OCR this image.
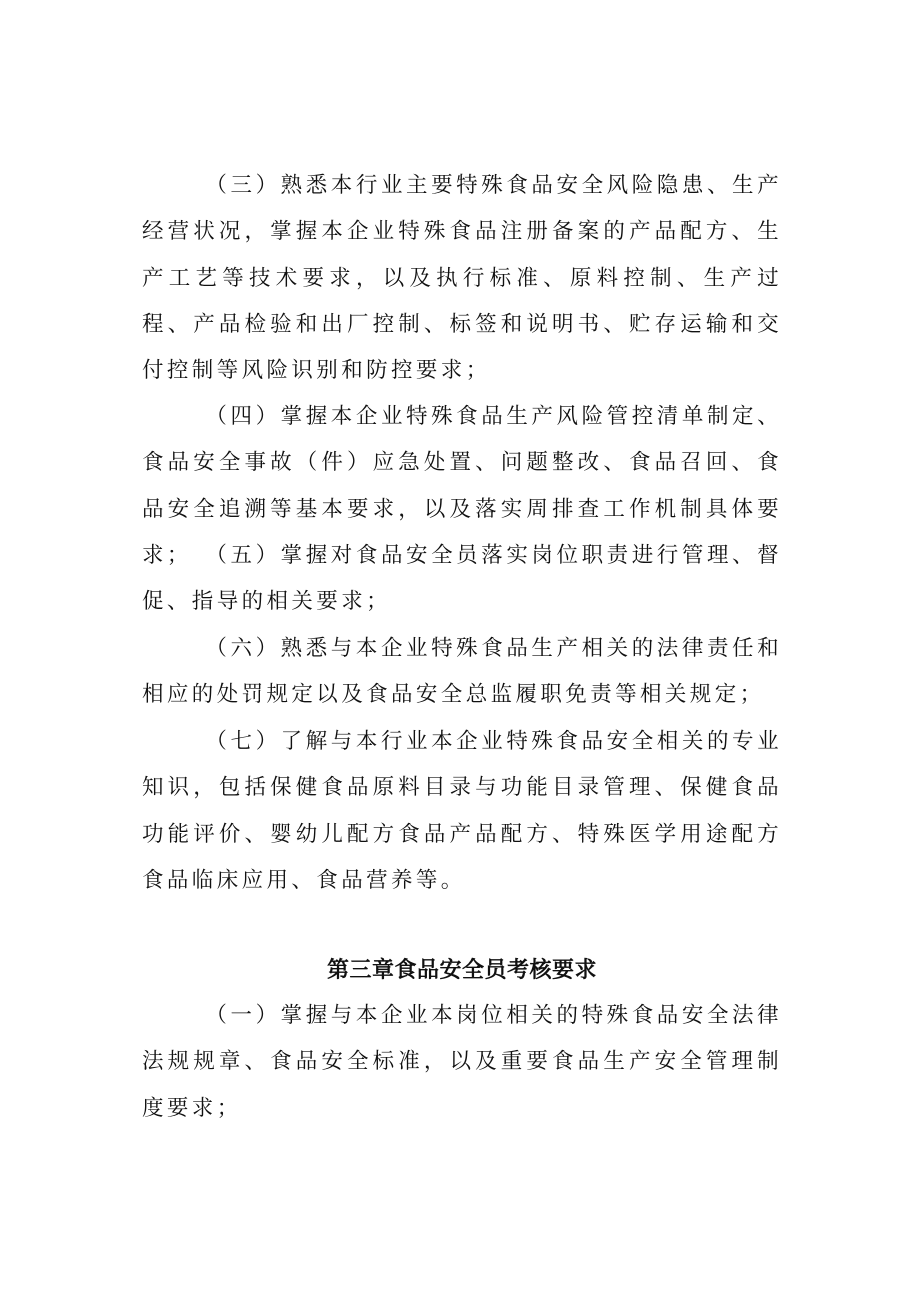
（三）熟悉本行业主要特殊食品安全风险隐患、生产经营状况，掌握本企业特殊食品注册备案的产品配方、生产工艺等技术要求，以及执行标准、原料控制、生产过程、产品检验和出厂控制、标签和说明书、贮存运输和交付控制等风险识别和防控要求；

（四）掌握本企业特殊食品生产风险管控清单制定、食品安全事故（件）应急处置、问题整改、食品召回、食品安全追溯等基本要求，以及落实周排查工作机制具体要求； （五）掌握对食品安全员落实岗位职责进行管理、督促、指导的相关要求；

（六）熟悉与本企业特殊食品生产相关的法律责任和相应的处罚规定以及食品安全总监履职免责等相关规定；

（七）了解与本行业本企业特殊食品安全相关的专业知识，包括保健食品原料目录与功能目录管理、保健食品功能评价、婴幼儿配方食品产品配方、特殊医学用途配方食品临床应用、食品营养等。

第三章食品安全员考核要求

（一）掌握与本企业本岗位相关的特殊食品安全法律法规规章、食品安全标准，以及重要食品生产安全管理制度要求；
